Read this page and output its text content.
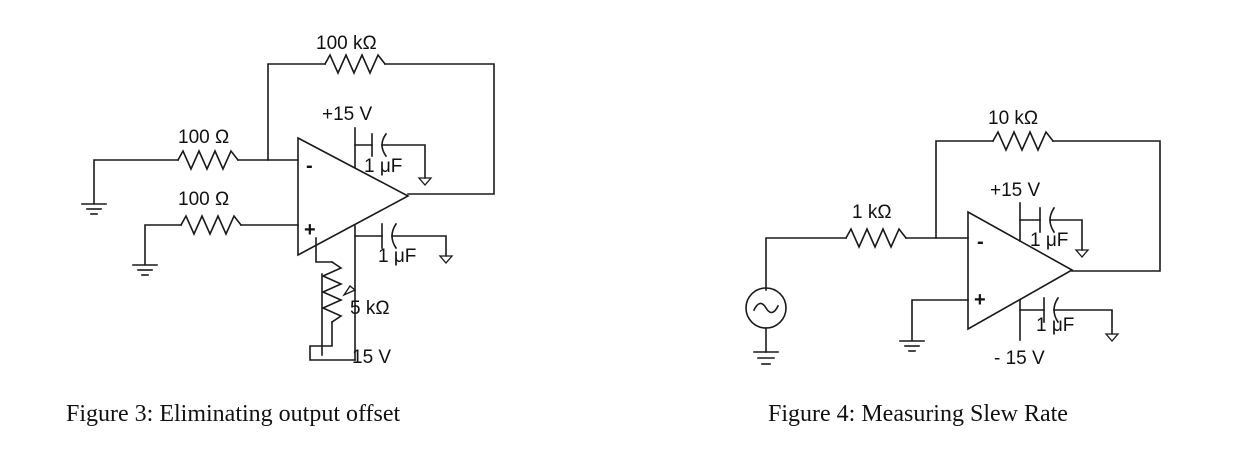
-
+
100 kΩ
100 Ω
100 Ω
+15 V
1 μF
1 μF
15 V
5 kΩ
Figure 3: Eliminating output offset
-
+
10 kΩ
1 kΩ
+15 V
1 μF
1 μF
- 15 V
Figure 4: Measuring Slew Rate
